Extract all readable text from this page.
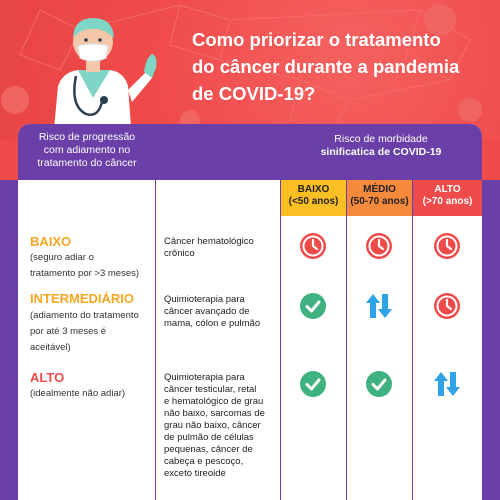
Como priorizar o tratamento
do câncer durante a pandemia
de COVID-19?
Risco de progressão
com adiamento no
tratamento do câncer
Risco de morbidade
sinificatica de COVID-19
BAIXO
(<50 anos)
MÉDIO
(50-70 anos)
ALTO
(>70 anos)
BAIXO
(seguro adiar o
tratamento por >3 meses)
Câncer hematológico
crônico
INTERMEDIÁRIO
(adiamento do tratamento
por até 3 meses é
aceitável)
Quimioterapia para
câncer avançado de
mama, cólon e pulmão
ALTO
(idealmente não adiar)
Quimioterapia para
câncer testicular, retal
e hematológico de grau
não baixo, sarcomas de
grau não baixo, câncer
de pulmão de células
pequenas, câncer de
cabeça e pescoço,
exceto tireoide
